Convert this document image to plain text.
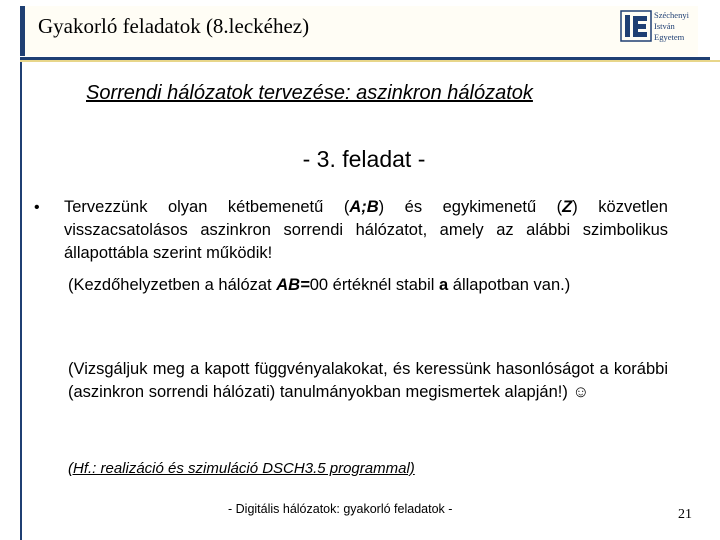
Gyakorló feladatok (8.leckéhez)	Széchenyi
István
Egyetem
Sorrendi hálózatok tervezése: aszinkron hálózatok
- 3. feladat -
• Tervezzünk olyan kétbemenetű (A;B) és egykimenetű (Z) közvetlen visszacsatolásos aszinkron sorrendi hálózatot, amely az alábbi szimbolikus állapottábla szerint működik!
(Kezdőhelyzetben a hálózat AB=00 értéknél stabil a állapotban van.)
(Vizsgáljuk meg a kapott függvényalakokat, és keressünk hasonlóságot a korábbi (aszinkron sorrendi hálózati) tanulmányokban megismertek alapján!) ☺
(Hf.: realizáció és szimuláció DSCH3.5 programmal)
- Digitális hálózatok: gyakorló feladatok -	21
